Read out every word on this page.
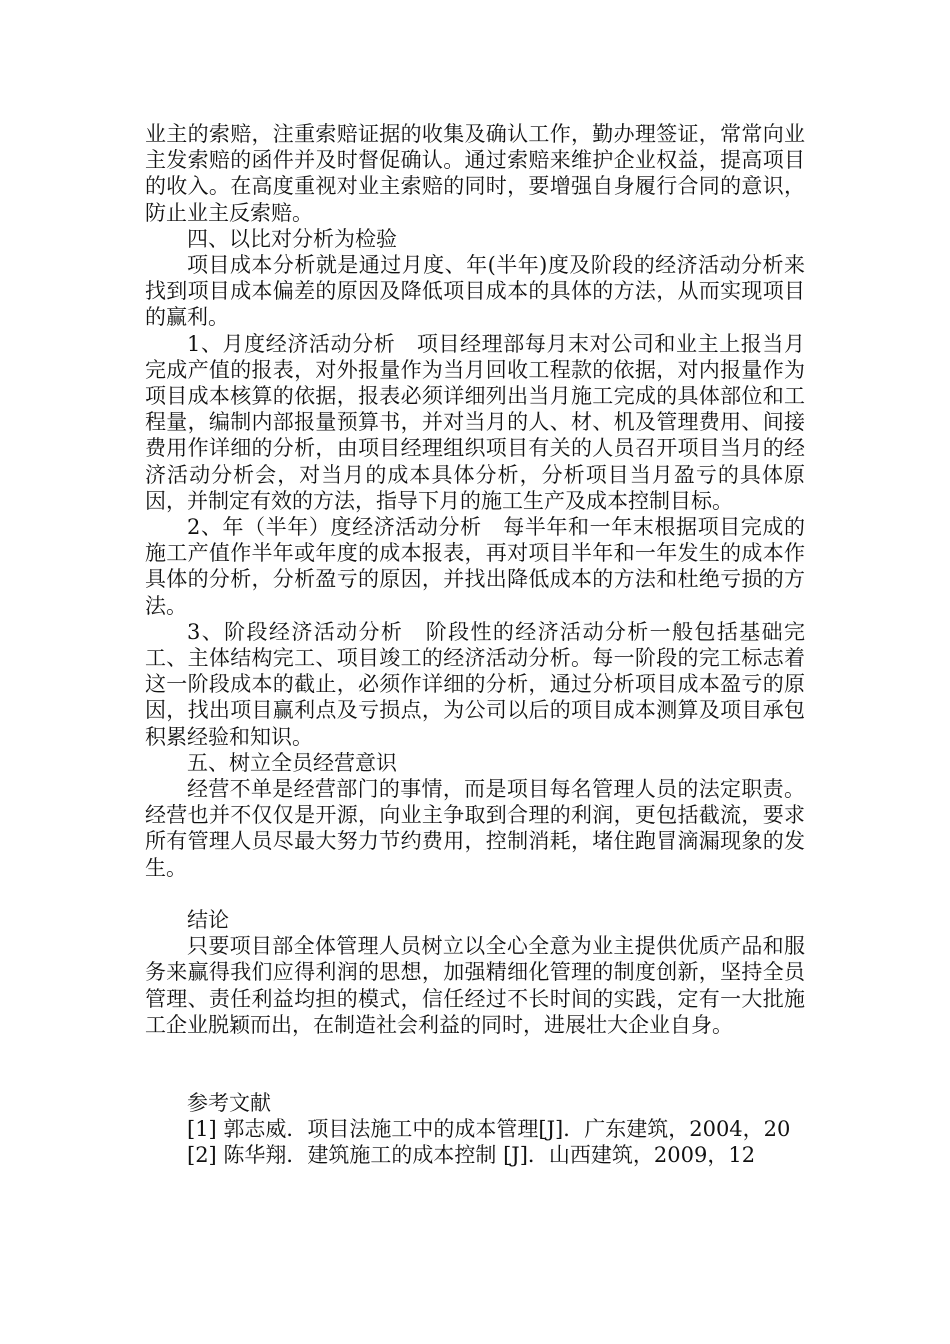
业主的索赔，注重索赔证据的收集及确认工作，勤办理签证，常常向业主发索赔的函件并及时督促确认。通过索赔来维护企业权益，提高项目的收入。在高度重视对业主索赔的同时，要增强自身履行合同的意识，防止业主反索赔。

四、以比对分析为检验

项目成本分析就是通过月度、年(半年)度及阶段的经济活动分析来找到项目成本偏差的原因及降低项目成本的具体的方法，从而实现项目的赢利。

1、月度经济活动分析　项目经理部每月末对公司和业主上报当月完成产值的报表，对外报量作为当月回收工程款的依据，对内报量作为项目成本核算的依据，报表必须详细列出当月施工完成的具体部位和工程量，编制内部报量预算书，并对当月的人、材、机及管理费用、间接费用作详细的分析，由项目经理组织项目有关的人员召开项目当月的经济活动分析会，对当月的成本具体分析，分析项目当月盈亏的具体原因，并制定有效的方法，指导下月的施工生产及成本控制目标。

2、年（半年）度经济活动分析　每半年和一年末根据项目完成的施工产值作半年或年度的成本报表，再对项目半年和一年发生的成本作具体的分析，分析盈亏的原因，并找出降低成本的方法和杜绝亏损的方法。

3、阶段经济活动分析　阶段性的经济活动分析一般包括基础完工、主体结构完工、项目竣工的经济活动分析。每一阶段的完工标志着这一阶段成本的截止，必须作详细的分析，通过分析项目成本盈亏的原因，找出项目赢利点及亏损点，为公司以后的项目成本测算及项目承包积累经验和知识。

五、树立全员经营意识

经营不单是经营部门的事情，而是项目每名管理人员的法定职责。经营也并不仅仅是开源，向业主争取到合理的利润，更包括截流，要求所有管理人员尽最大努力节约费用，控制消耗，堵住跑冒滴漏现象的发生。

结论

只要项目部全体管理人员树立以全心全意为业主提供优质产品和服务来赢得我们应得利润的思想，加强精细化管理的制度创新，坚持全员管理、责任利益均担的模式，信任经过不长时间的实践，定有一大批施工企业脱颖而出，在制造社会利益的同时，进展壮大企业自身。

参考文献

[1] 郭志威．项目法施工中的成本管理[J]．广东建筑，2004，20

[2] 陈华翔．建筑施工的成本控制 [J]．山西建筑，2009，12
